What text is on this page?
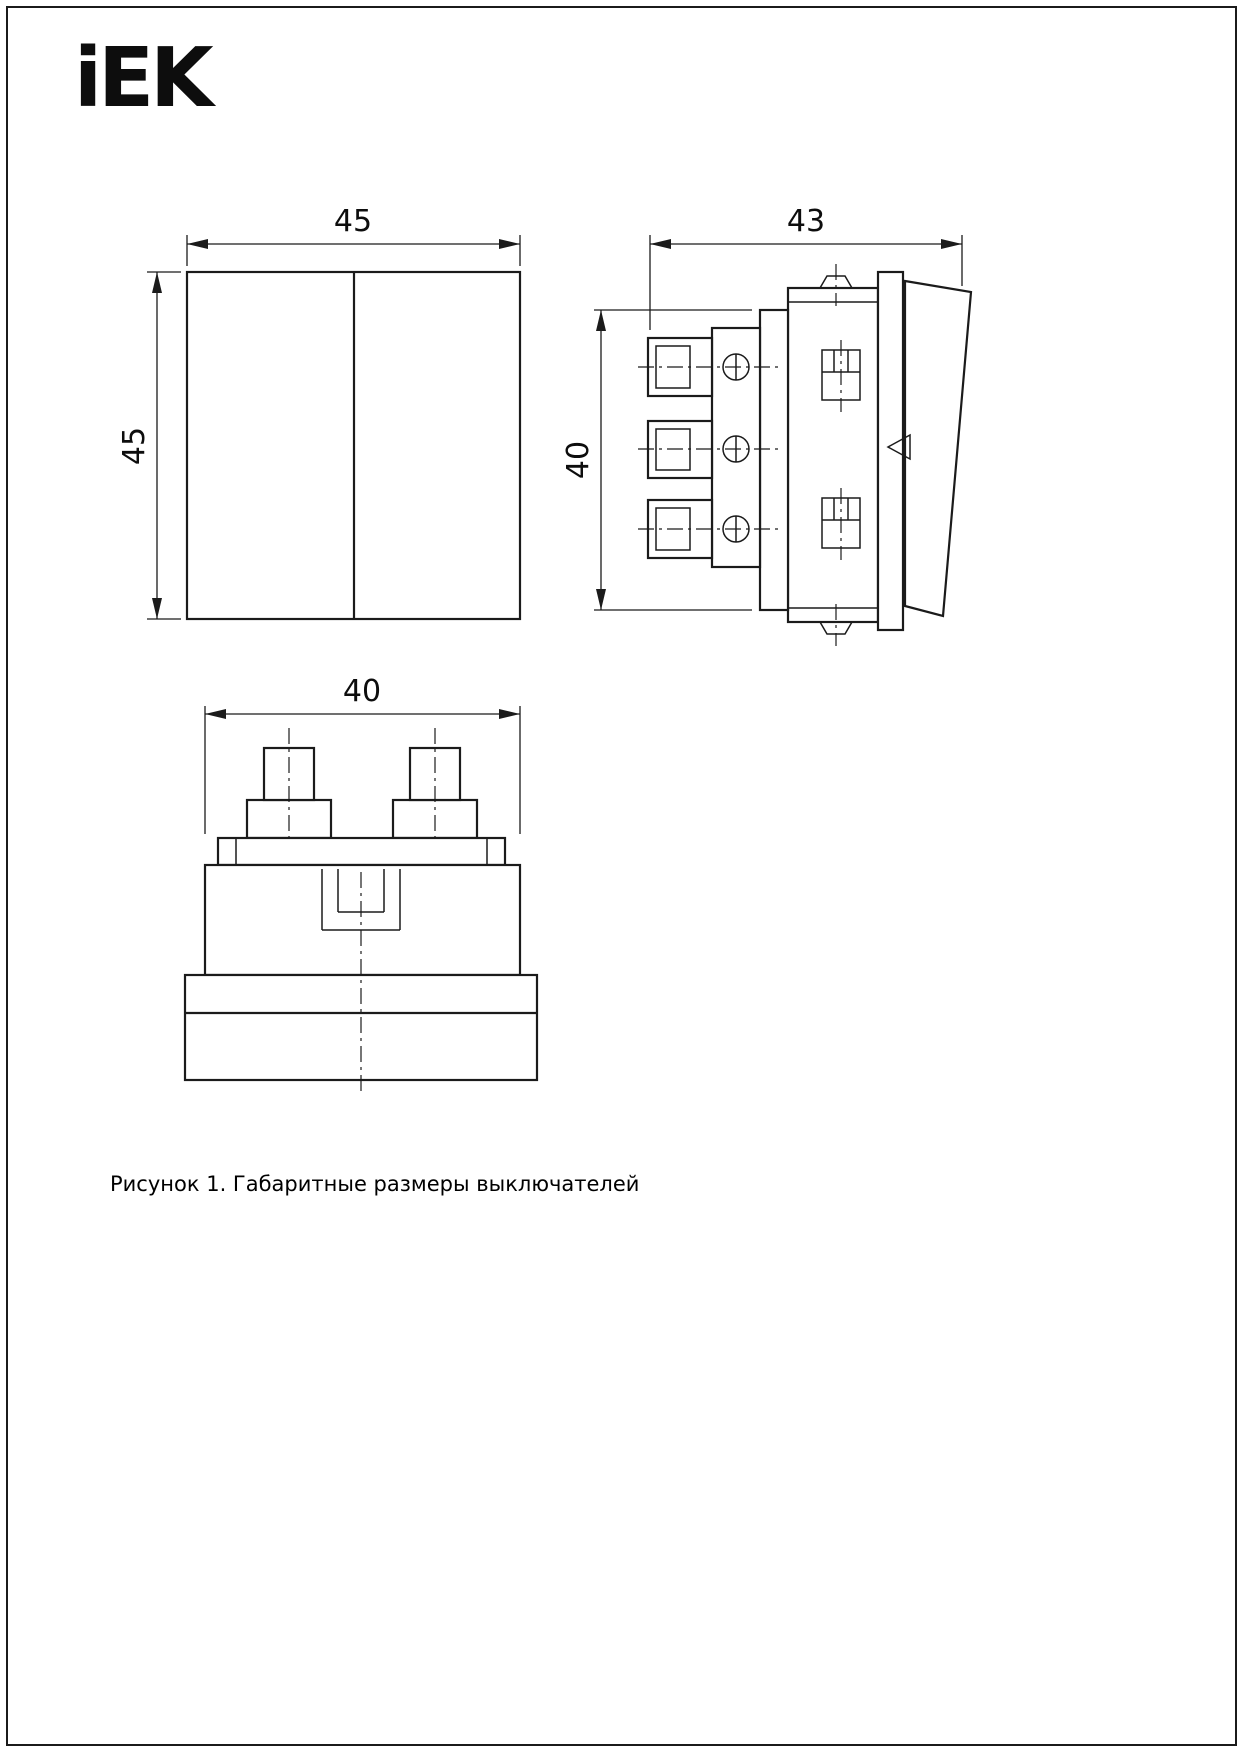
iEK
45
45
43
40
40
Рисунок 1. Габаритные размеры выключателей
